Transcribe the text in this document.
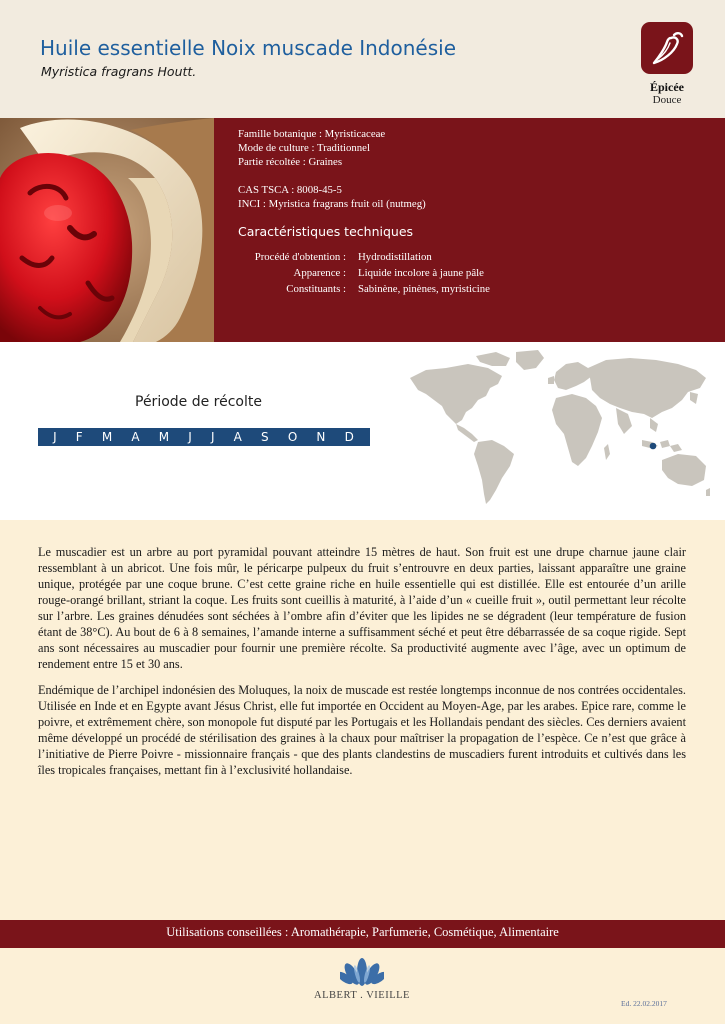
Huile essentielle Noix muscade Indonésie
Myristica fragrans Houtt.
Épicée
Douce
Famille botanique : Myristicaceae
Mode de culture : Traditionnel
Partie récoltée : Graines
CAS TSCA : 8008-45-5
INCI : Myristica fragrans fruit oil (nutmeg)
Caractéristiques techniques
Procédé d'obtention : Hydrodistillation
Apparence : Liquide incolore à jaune pâle
Constituants : Sabinène, pinènes, myristicine
Période de récolte
J F M A M J J A S O N D

Le muscadier est un arbre au port pyramidal pouvant atteindre 15 mètres de haut. Son fruit est une drupe charnue jaune clair ressemblant à un abricot. Une fois mûr, le péricarpe pulpeux du fruit s’entrouvre en deux parties, laissant apparaître une graine unique, protégée par une coque brune. C’est cette graine riche en huile essentielle qui est distillée. Elle est entourée d’un arille rouge-orangé brillant, striant la coque. Les fruits sont cueillis à maturité, à l’aide d’un « cueille fruit », outil permettant leur récolte sur l’arbre. Les graines dénudées sont séchées à l’ombre afin d’éviter que les lipides ne se dégradent (leur température de fusion étant de 38°C). Au bout de 6 à 8 semaines, l’amande interne a suffisamment séché et peut être débarrassée de sa coque rigide. Sept ans sont nécessaires au muscadier pour fournir une première récolte. Sa productivité augmente avec l’âge, avec un optimum de rendement entre 15 et 30 ans.

Endémique de l’archipel indonésien des Moluques, la noix de muscade est restée longtemps inconnue de nos contrées occidentales. Utilisée en Inde et en Egypte avant Jésus Christ, elle fut importée en Occident au Moyen-Age, par les arabes. Epice rare, comme le poivre, et extrêmement chère, son monopole fut disputé par les Portugais et les Hollandais pendant des siècles. Ces derniers avaient même développé un procédé de stérilisation des graines à la chaux pour maîtriser la propagation de l’espèce. Ce n’est que grâce à l’initiative de Pierre Poivre - missionnaire français - que des plants clandestins de muscadiers furent introduits et cultivés dans les îles tropicales françaises, mettant fin à l’exclusivité hollandaise.

Utilisations conseillées : Aromathérapie, Parfumerie, Cosmétique, Alimentaire
ALBERT . VIEILLE
Ed. 22.02.2017
